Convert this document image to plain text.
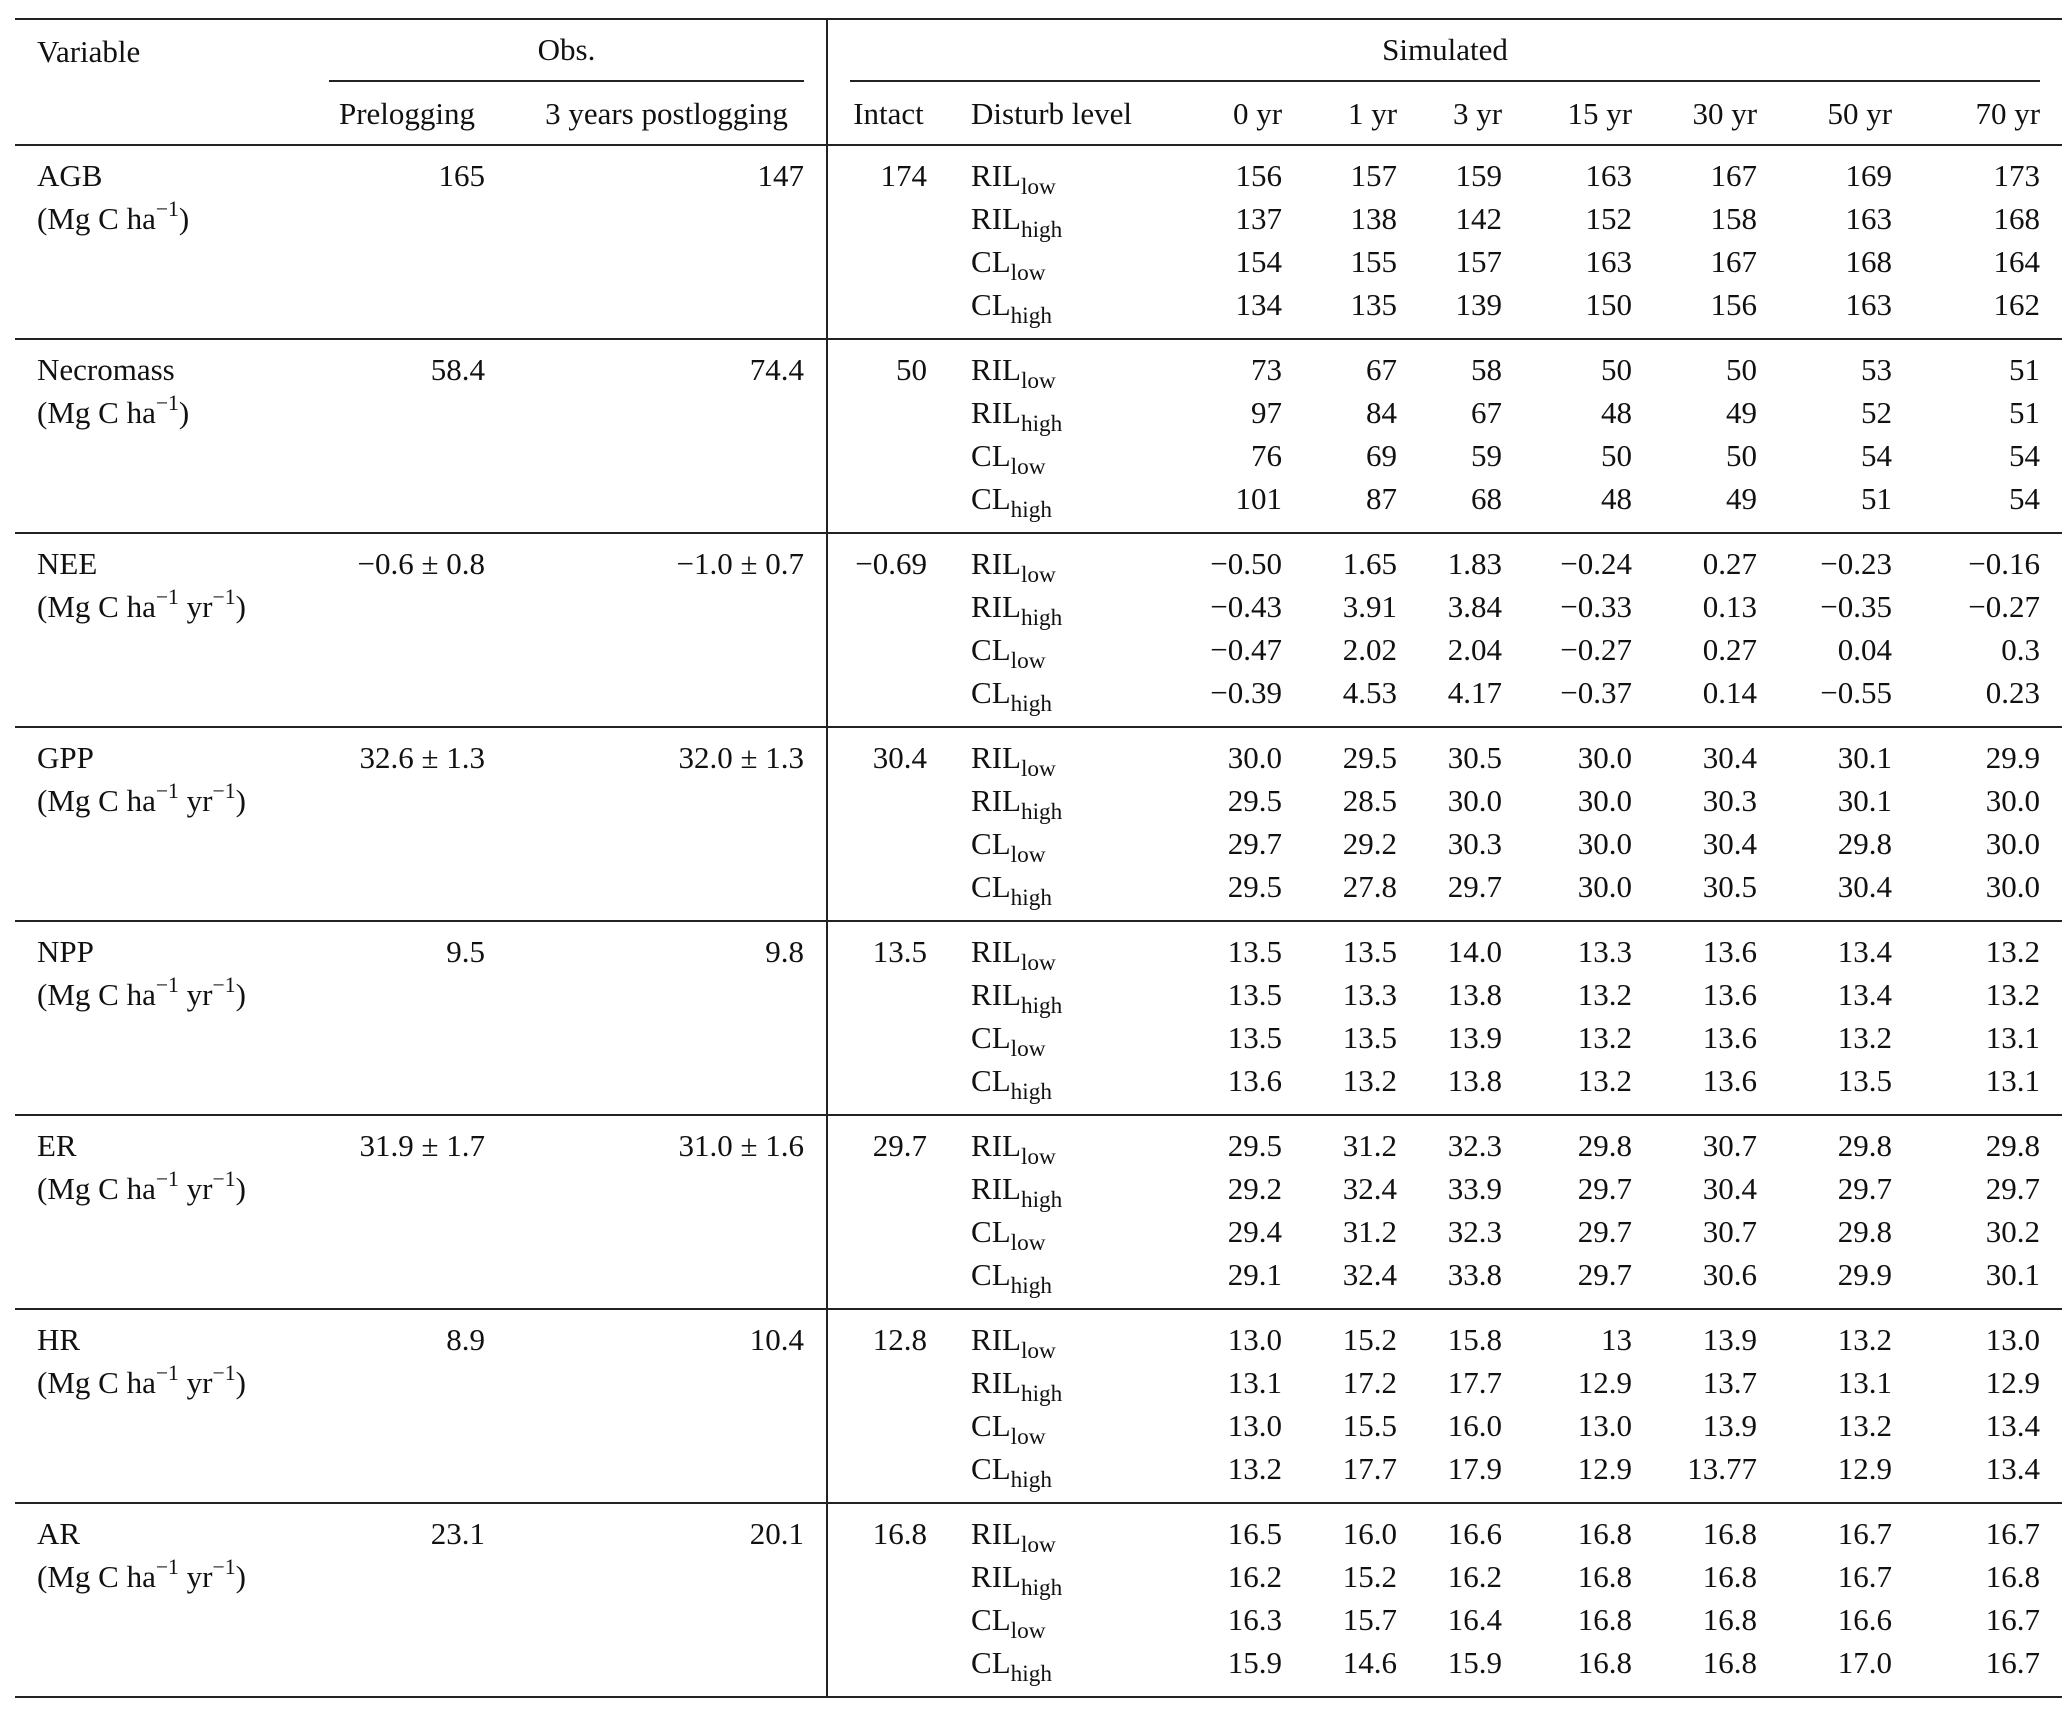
Variable	Obs.		Simulated								

	Prelogging	3 years postlogging	Intact	Disturb level	0 yr	1 yr	3 yr	15 yr	30 yr	50 yr	70 yr
AGB	165	147	174	$RIL_{low}$	156	157	159	163	167	169	173
(Mg C $ha^{-1}$)				$RIL_{high}$	137	138	142	152	158	163	168
				$CL_{low}$	154	155	157	163	167	168	164
				$CL_{high}$	134	135	139	150	156	163	162
Necromass	58.4	74.4	50	$RIL_{low}$	73	67	58	50	50	53	51
(Mg C $ha^{-1}$)				$RIL_{high}$	97	84	67	48	49	52	51
				$CL_{low}$	76	69	59	50	50	54	54
				$CL_{high}$	101	87	68	48	49	51	54
NEE	−0.6 ± 0.8	−1.0 ± 0.7	−0.69	$RIL_{low}$	−0.50	1.65	1.83	−0.24	0.27	−0.23	−0.16
(Mg C $ha^{-1}$ $yr^{-1}$)				$RIL_{high}$	−0.43	3.91	3.84	−0.33	0.13	−0.35	−0.27
				$CL_{low}$	−0.47	2.02	2.04	−0.27	0.27	0.04	0.3
				$CL_{high}$	−0.39	4.53	4.17	−0.37	0.14	−0.55	0.23
GPP	32.6 ± 1.3	32.0 ± 1.3	30.4	$RIL_{low}$	30.0	29.5	30.5	30.0	30.4	30.1	29.9
(Mg C $ha^{-1}$ $yr^{-1}$)				$RIL_{high}$	29.5	28.5	30.0	30.0	30.3	30.1	30.0
				$CL_{low}$	29.7	29.2	30.3	30.0	30.4	29.8	30.0
				$CL_{high}$	29.5	27.8	29.7	30.0	30.5	30.4	30.0
NPP	9.5	9.8	13.5	$RIL_{low}$	13.5	13.5	14.0	13.3	13.6	13.4	13.2
(Mg C $ha^{-1}$ $yr^{-1}$)				$RIL_{high}$	13.5	13.3	13.8	13.2	13.6	13.4	13.2
				$CL_{low}$	13.5	13.5	13.9	13.2	13.6	13.2	13.1
				$CL_{high}$	13.6	13.2	13.8	13.2	13.6	13.5	13.1
ER	31.9 ± 1.7	31.0 ± 1.6	29.7	$RIL_{low}$	29.5	31.2	32.3	29.8	30.7	29.8	29.8
(Mg C $ha^{-1}$ $yr^{-1}$)				$RIL_{high}$	29.2	32.4	33.9	29.7	30.4	29.7	29.7
				$CL_{low}$	29.4	31.2	32.3	29.7	30.7	29.8	30.2
				$CL_{high}$	29.1	32.4	33.8	29.7	30.6	29.9	30.1
HR	8.9	10.4	12.8	$RIL_{low}$	13.0	15.2	15.8	13	13.9	13.2	13.0
(Mg C $ha^{-1}$ $yr^{-1}$)				$RIL_{high}$	13.1	17.2	17.7	12.9	13.7	13.1	12.9
				$CL_{low}$	13.0	15.5	16.0	13.0	13.9	13.2	13.4
				$CL_{high}$	13.2	17.7	17.9	12.9	13.77	12.9	13.4
AR	23.1	20.1	16.8	$RIL_{low}$	16.5	16.0	16.6	16.8	16.8	16.7	16.7
(Mg C $ha^{-1}$ $yr^{-1}$)				$RIL_{high}$	16.2	15.2	16.2	16.8	16.8	16.7	16.8
				$CL_{low}$	16.3	15.7	16.4	16.8	16.8	16.6	16.7
				$CL_{high}$	15.9	14.6	15.9	16.8	16.8	17.0	16.7
